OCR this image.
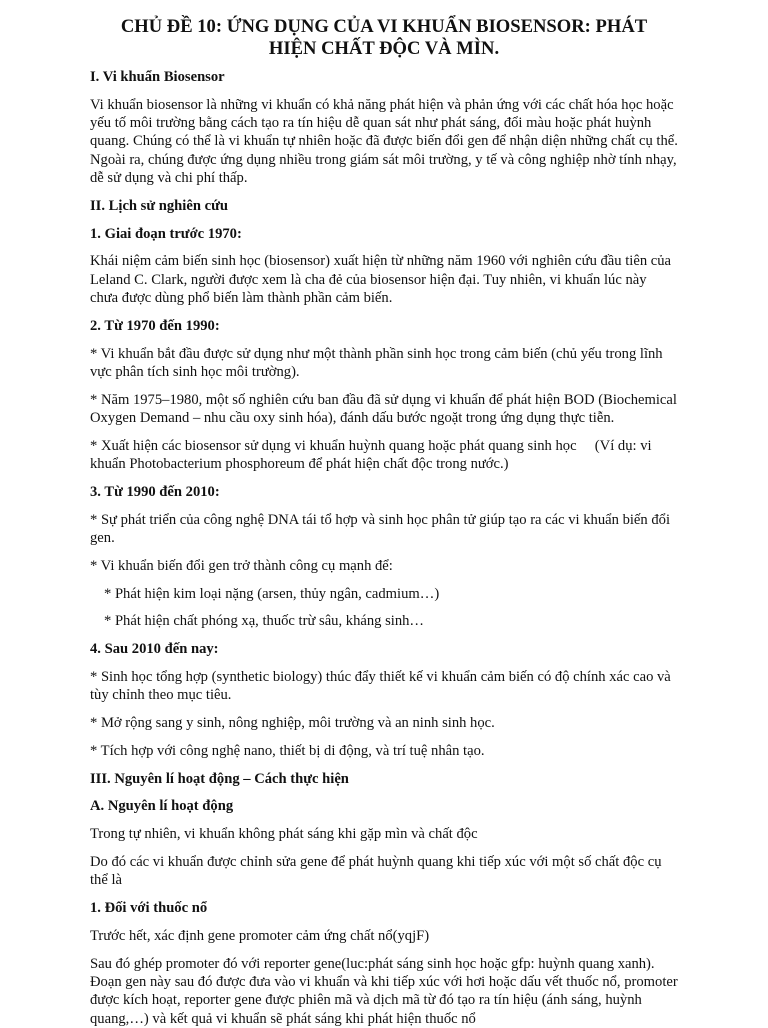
CHỦ ĐỀ 10: ỨNG DỤNG CỦA VI KHUẨN BIOSENSOR: PHÁT HIỆN CHẤT ĐỘC VÀ MÌN.
I. Vi khuẩn Biosensor
Vi khuẩn biosensor là những vi khuẩn có khả năng phát hiện và phản ứng với các chất hóa học hoặc yếu tố môi trường bằng cách tạo ra tín hiệu dễ quan sát như phát sáng, đổi màu hoặc phát huỳnh quang. Chúng có thể là vi khuẩn tự nhiên hoặc đã được biến đổi gen để nhận diện những chất cụ thể. Ngoài ra, chúng được ứng dụng nhiều trong giám sát môi trường, y tế và công nghiệp nhờ tính nhạy, dễ sử dụng và chi phí thấp.
II. Lịch sử nghiên cứu
1. Giai đoạn trước 1970:
Khái niệm cảm biến sinh học (biosensor) xuất hiện từ những năm 1960 với nghiên cứu đầu tiên của Leland C. Clark, người được xem là cha đẻ của biosensor hiện đại. Tuy nhiên, vi khuẩn lúc này chưa được dùng phổ biến làm thành phần cảm biến.
2. Từ 1970 đến 1990:
* Vi khuẩn bắt đầu được sử dụng như một thành phần sinh học trong cảm biến (chủ yếu trong lĩnh vực phân tích sinh học môi trường).
* Năm 1975–1980, một số nghiên cứu ban đầu đã sử dụng vi khuẩn để phát hiện BOD (Biochemical Oxygen Demand – nhu cầu oxy sinh hóa), đánh dấu bước ngoặt trong ứng dụng thực tiễn.
* Xuất hiện các biosensor sử dụng vi khuẩn huỳnh quang hoặc phát quang sinh học     (Ví dụ: vi khuẩn Photobacterium phosphoreum để phát hiện chất độc trong nước.)
3. Từ 1990 đến 2010:
* Sự phát triển của công nghệ DNA tái tổ hợp và sinh học phân tử giúp tạo ra các vi khuẩn biến đổi gen.
* Vi khuẩn biến đổi gen trở thành công cụ mạnh để:
* Phát hiện kim loại nặng (arsen, thủy ngân, cadmium…)
* Phát hiện chất phóng xạ, thuốc trừ sâu, kháng sinh…
4. Sau 2010 đến nay:
* Sinh học tổng hợp (synthetic biology) thúc đẩy thiết kế vi khuẩn cảm biến có độ chính xác cao và tùy chỉnh theo mục tiêu.
* Mở rộng sang y sinh, nông nghiệp, môi trường và an ninh sinh học.
* Tích hợp với công nghệ nano, thiết bị di động, và trí tuệ nhân tạo.
III. Nguyên lí hoạt động – Cách thực hiện
A. Nguyên lí hoạt động
Trong tự nhiên, vi khuẩn không phát sáng khi gặp mìn và chất độc
Do đó các vi khuẩn được chỉnh sửa gene để phát huỳnh quang khi tiếp xúc với một số chất độc cụ thể là
1. Đối với thuốc nổ
Trước hết, xác định gene promoter cảm ứng chất nổ(yqjF)
Sau đó ghép promoter đó với reporter gene(luc:phát sáng sinh học hoặc gfp: huỳnh quang xanh). Đoạn gen này sau đó được đưa vào vi khuẩn và khi tiếp xúc với hơi hoặc dấu vết thuốc nổ, promoter được kích hoạt, reporter gene được phiên mã và dịch mã từ đó tạo ra tín hiệu (ánh sáng, huỳnh quang,…) và kết quả vi khuẩn sẽ phát sáng khi phát hiện thuốc nổ
